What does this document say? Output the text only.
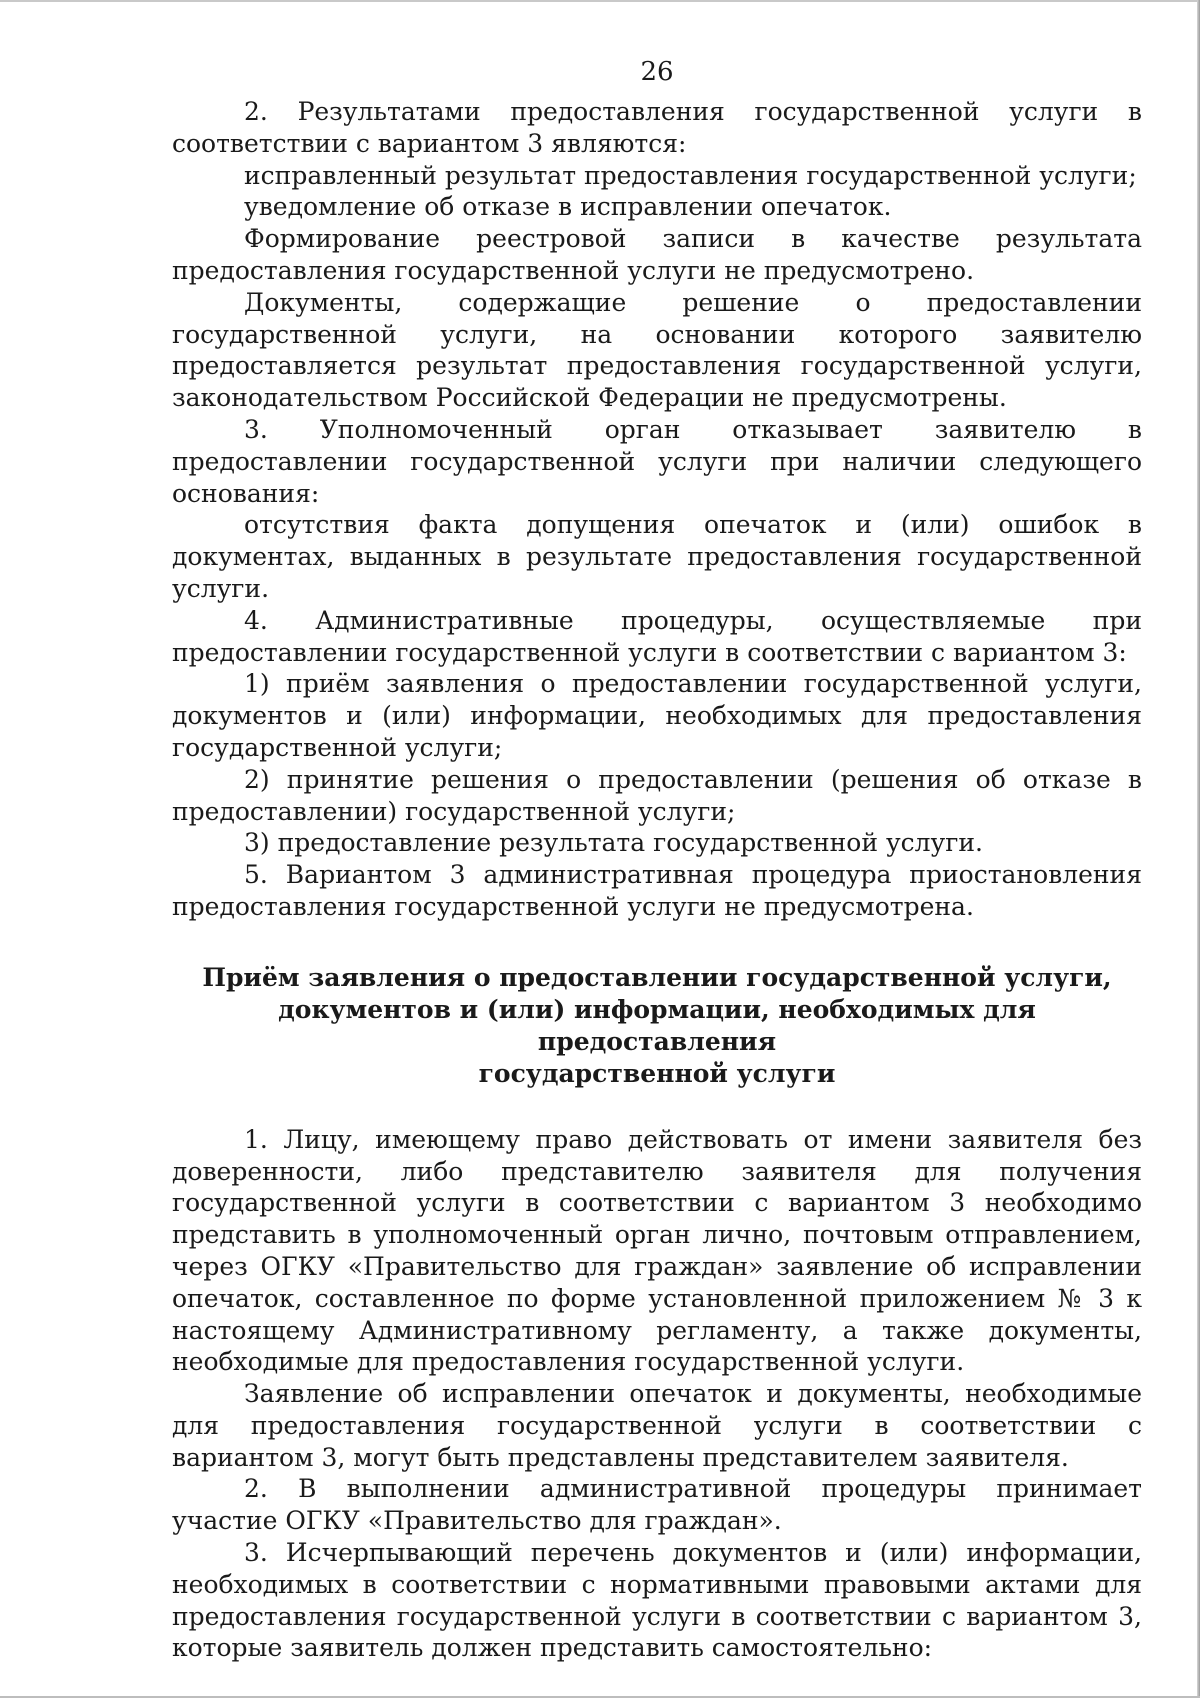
26

2. Результатами предоставления государственной услуги в соответствии с вариантом 3 являются:

исправленный результат предоставления государственной услуги;

уведомление об отказе в исправлении опечаток.

Формирование реестровой записи в качестве результата предоставления государственной услуги не предусмотрено.

Документы, содержащие решение о предоставлении государственной услуги, на основании которого заявителю предоставляется результат предоставления государственной услуги, законодательством Российской Федерации не предусмотрены.

3. Уполномоченный орган отказывает заявителю в предоставлении государственной услуги при наличии следующего основания:

отсутствия факта допущения опечаток и (или) ошибок в документах, выданных в результате предоставления государственной услуги.

4. Административные процедуры, осуществляемые при предоставлении государственной услуги в соответствии с вариантом 3:

1) приём заявления о предоставлении государственной услуги, документов и (или) информации, необходимых для предоставления государственной услуги;

2) принятие решения о предоставлении (решения об отказе в предоставлении) государственной услуги;

3) предоставление результата государственной услуги.

5. Вариантом 3 административная процедура приостановления предоставления государственной услуги не предусмотрена.

Приём заявления о предоставлении государственной услуги,
документов и (или) информации, необходимых для предоставления
государственной услуги

1. Лицу, имеющему право действовать от имени заявителя без доверенности, либо представителю заявителя для получения государственной услуги в соответствии с вариантом 3 необходимо представить в уполномоченный орган лично, почтовым отправлением, через ОГКУ «Правительство для граждан» заявление об исправлении опечаток, составленное по форме установленной приложением № 3 к настоящему Административному регламенту, а также документы, необходимые для предоставления государственной услуги.

Заявление об исправлении опечаток и документы, необходимые для предоставления государственной услуги в соответствии с вариантом 3, могут быть представлены представителем заявителя.

2. В выполнении административной процедуры принимает участие ОГКУ «Правительство для граждан».

3. Исчерпывающий перечень документов и (или) информации, необходимых в соответствии с нормативными правовыми актами для предоставления государственной услуги в соответствии с вариантом 3, которые заявитель должен представить самостоятельно:
